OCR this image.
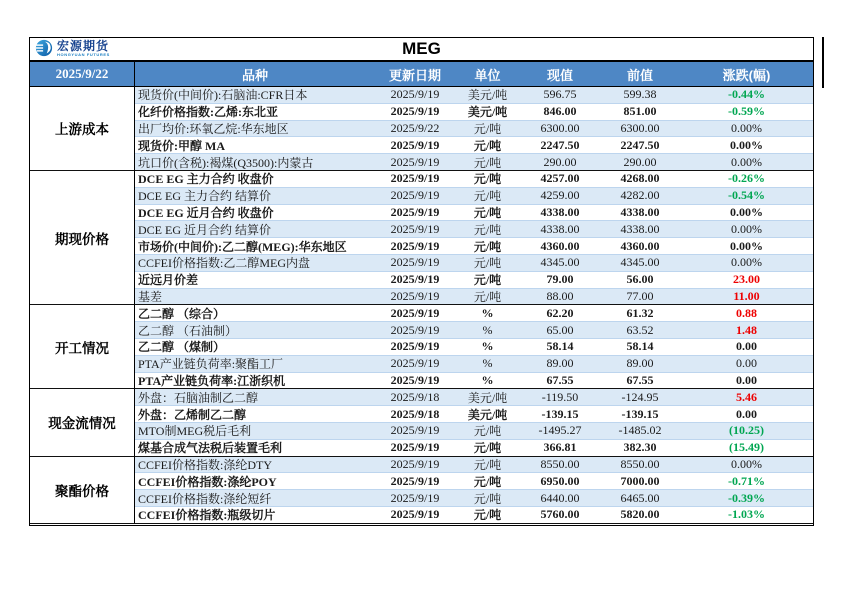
宏源期货
HONGYUAN FUTURES	MEG
2025/9/22	品种	更新日期	单位	现值	前值	涨跌(幅)
上游成本
现货价(中间价):石脑油:CFR日本	2025/9/19	美元/吨	596.75	599.38	-0.44%
化纤价格指数:乙烯:东北亚	2025/9/19	美元/吨	846.00	851.00	-0.59%
出厂均价:环氧乙烷:华东地区	2025/9/22	元/吨	6300.00	6300.00	0.00%
现货价:甲醇 MA	2025/9/19	元/吨	2247.50	2247.50	0.00%
坑口价(含税):褐煤(Q3500):内蒙古	2025/9/19	元/吨	290.00	290.00	0.00%
期现价格
DCE EG 主力合约 收盘价	2025/9/19	元/吨	4257.00	4268.00	-0.26%
DCE EG 主力合约 结算价	2025/9/19	元/吨	4259.00	4282.00	-0.54%
DCE EG 近月合约 收盘价	2025/9/19	元/吨	4338.00	4338.00	0.00%
DCE EG 近月合约 结算价	2025/9/19	元/吨	4338.00	4338.00	0.00%
市场价(中间价):乙二醇(MEG):华东地区	2025/9/19	元/吨	4360.00	4360.00	0.00%
CCFEI价格指数:乙二醇MEG内盘	2025/9/19	元/吨	4345.00	4345.00	0.00%
近远月价差	2025/9/19	元/吨	79.00	56.00	23.00
基差	2025/9/19	元/吨	88.00	77.00	11.00
开工情况
乙二醇 （综合）	2025/9/19	%	62.20	61.32	0.88
乙二醇 （石油制）	2025/9/19	%	65.00	63.52	1.48
乙二醇 （煤制）	2025/9/19	%	58.14	58.14	0.00
PTA产业链负荷率:聚酯工厂	2025/9/19	%	89.00	89.00	0.00
PTA产业链负荷率:江浙织机	2025/9/19	%	67.55	67.55	0.00
现金流情况
外盘：石脑油制乙二醇	2025/9/18	美元/吨	-119.50	-124.95	5.46
外盘：乙烯制乙二醇	2025/9/18	美元/吨	-139.15	-139.15	0.00
MTO制MEG税后毛利	2025/9/19	元/吨	-1495.27	-1485.02	(10.25)
煤基合成气法税后装置毛利	2025/9/19	元/吨	366.81	382.30	(15.49)
聚酯价格
CCFEI价格指数:涤纶DTY	2025/9/19	元/吨	8550.00	8550.00	0.00%
CCFEI价格指数:涤纶POY	2025/9/19	元/吨	6950.00	7000.00	-0.71%
CCFEI价格指数:涤纶短纤	2025/9/19	元/吨	6440.00	6465.00	-0.39%
CCFEI价格指数:瓶级切片	2025/9/19	元/吨	5760.00	5820.00	-1.03%
